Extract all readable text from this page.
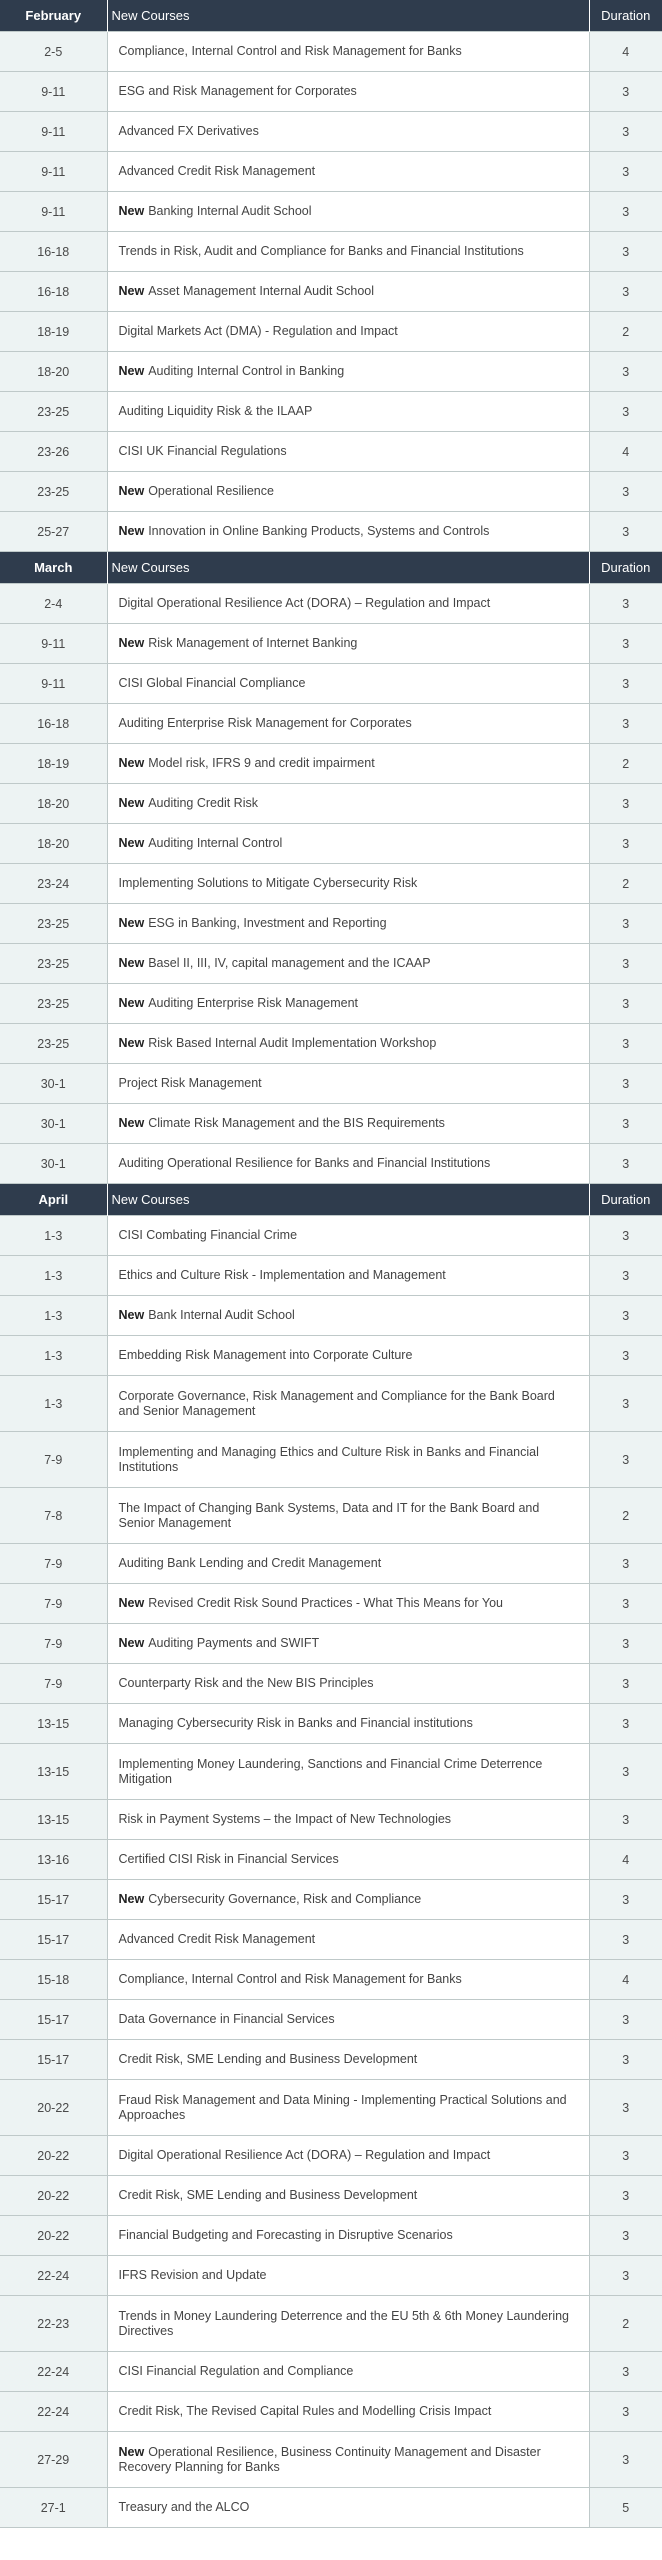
February	New Courses	Duration
2-5	Compliance, Internal Control and Risk Management for Banks	4
9-11	ESG and Risk Management for Corporates	3
9-11	Advanced FX Derivatives	3
9-11	Advanced Credit Risk Management	3
9-11	New Banking Internal Audit School	3
16-18	Trends in Risk, Audit and Compliance for Banks and Financial Institutions	3
16-18	New Asset Management Internal Audit School	3
18-19	Digital Markets Act (DMA) - Regulation and Impact	2
18-20	New Auditing Internal Control in Banking	3
23-25	Auditing Liquidity Risk & the ILAAP	3
23-26	CISI UK Financial Regulations	4
23-25	New Operational Resilience	3
25-27	New Innovation in Online Banking Products, Systems and Controls	3
March	New Courses	Duration
2-4	Digital Operational Resilience Act (DORA) – Regulation and Impact	3
9-11	New Risk Management of Internet Banking	3
9-11	CISI Global Financial Compliance	3
16-18	Auditing Enterprise Risk Management for Corporates	3
18-19	New Model risk, IFRS 9 and credit impairment	2
18-20	New Auditing Credit Risk	3
18-20	New Auditing Internal Control	3
23-24	Implementing Solutions to Mitigate Cybersecurity Risk	2
23-25	New ESG in Banking, Investment and Reporting	3
23-25	New Basel II, III, IV, capital management and the ICAAP	3
23-25	New Auditing Enterprise Risk Management	3
23-25	New Risk Based Internal Audit Implementation Workshop	3
30-1	Project Risk Management	3
30-1	New Climate Risk Management and the BIS Requirements	3
30-1	Auditing Operational Resilience for Banks and Financial Institutions	3
April	New Courses	Duration
1-3	CISI Combating Financial Crime	3
1-3	Ethics and Culture Risk - Implementation and Management	3
1-3	New Bank Internal Audit School	3
1-3	Embedding Risk Management into Corporate Culture	3
1-3	Corporate Governance, Risk Management and Compliance for the Bank Board and Senior Management	3
7-9	Implementing and Managing Ethics and Culture Risk in Banks and Financial Institutions	3
7-8	The Impact of Changing Bank Systems, Data and IT for the Bank Board and Senior Management	2
7-9	Auditing Bank Lending and Credit Management	3
7-9	New Revised Credit Risk Sound Practices - What This Means for You	3
7-9	New Auditing Payments and SWIFT	3
7-9	Counterparty Risk and the New BIS Principles	3
13-15	Managing Cybersecurity Risk in Banks and Financial institutions	3
13-15	Implementing Money Laundering, Sanctions and Financial Crime Deterrence Mitigation	3
13-15	Risk in Payment Systems – the Impact of New Technologies	3
13-16	Certified CISI Risk in Financial Services	4
15-17	New Cybersecurity Governance, Risk and Compliance	3
15-17	Advanced Credit Risk Management	3
15-18	Compliance, Internal Control and Risk Management for Banks	4
15-17	Data Governance in Financial Services	3
15-17	Credit Risk, SME Lending and Business Development	3
20-22	Fraud Risk Management and Data Mining - Implementing Practical Solutions and Approaches	3
20-22	Digital Operational Resilience Act (DORA) – Regulation and Impact	3
20-22	Credit Risk, SME Lending and Business Development	3
20-22	Financial Budgeting and Forecasting in Disruptive Scenarios	3
22-24	IFRS Revision and Update	3
22-23	Trends in Money Laundering Deterrence and the EU 5th & 6th Money Laundering Directives	2
22-24	CISI Financial Regulation and Compliance	3
22-24	Credit Risk, The Revised Capital Rules and Modelling Crisis Impact	3
27-29	New Operational Resilience, Business Continuity Management and Disaster Recovery Planning for Banks	3
27-1	Treasury and the ALCO	5
